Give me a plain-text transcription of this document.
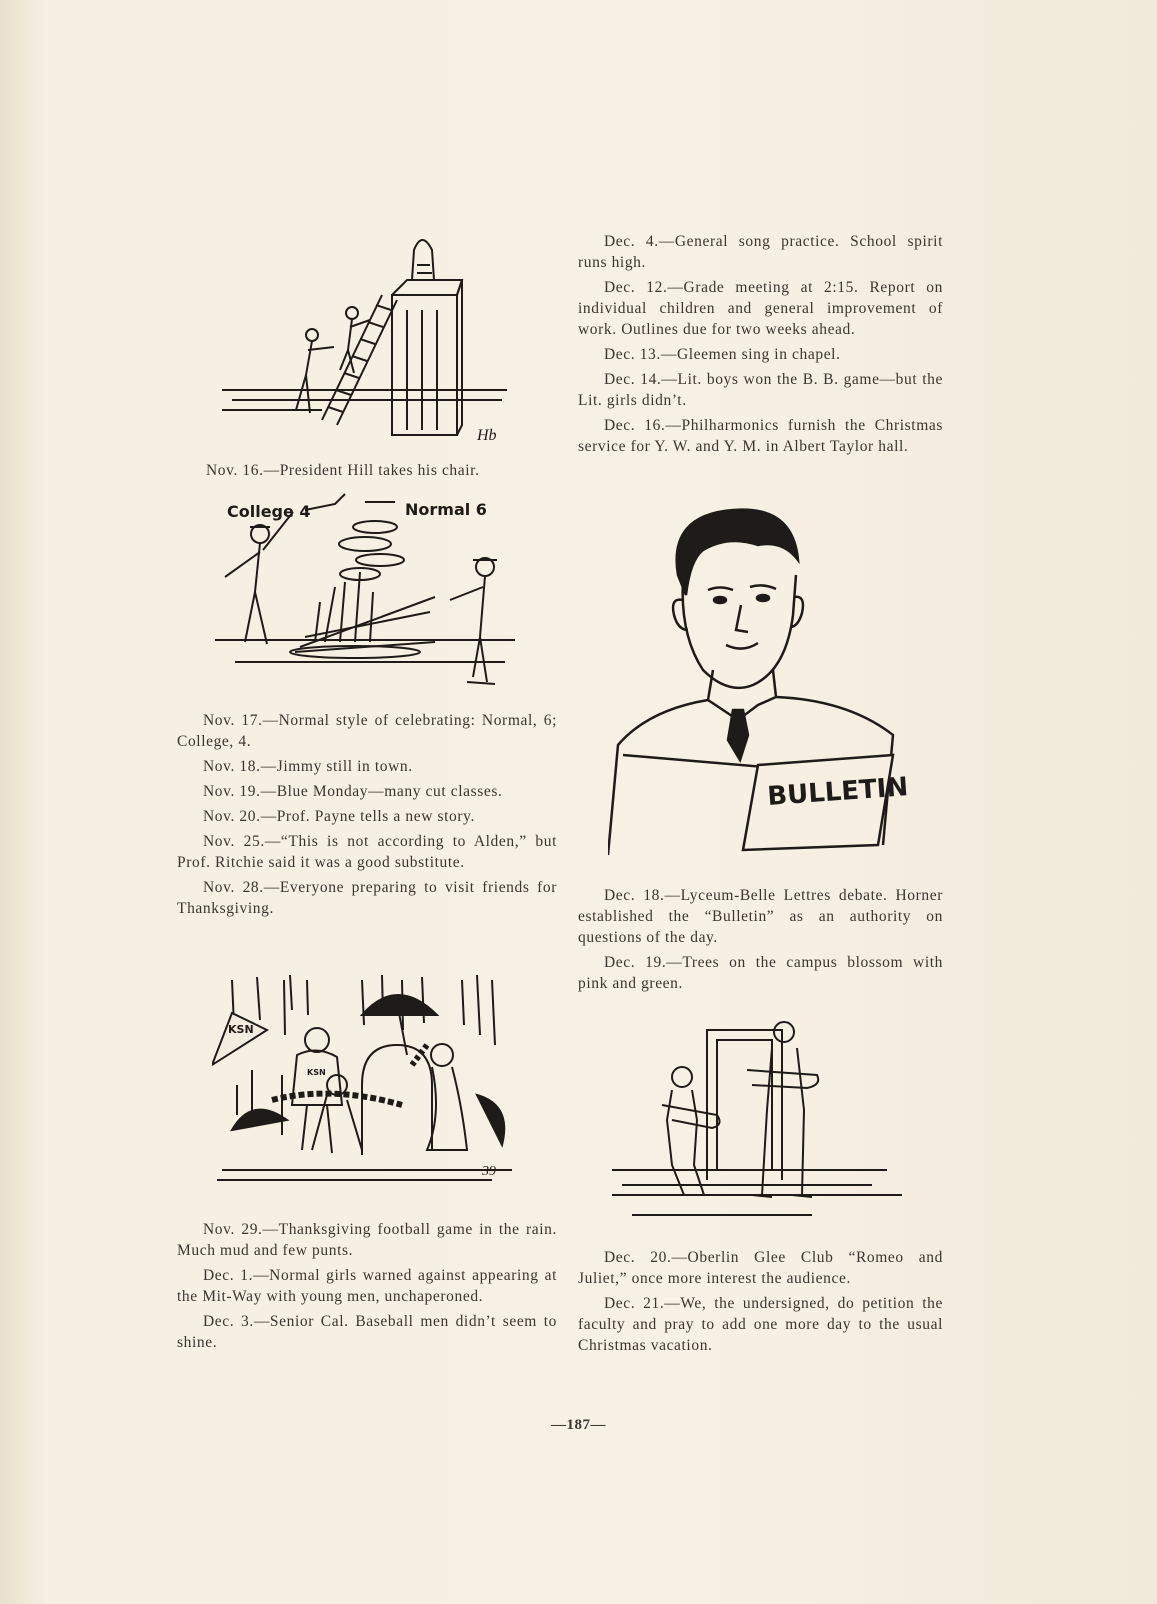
Hb
Nov. 16.—President Hill takes his chair.
College 4	Normal 6

Nov. 17.—Normal style of celebrating: Normal, 6; College, 4.

Nov. 18.—Jimmy still in town.

Nov. 19.—Blue Monday—many cut classes.

Nov. 20.—Prof. Payne tells a new story.

Nov. 25.—“This is not according to Alden,” but Prof. Ritchie said it was a good substitute.

Nov. 28.—Everyone preparing to visit friends for Thanksgiving.

KSN
KSN
39

Nov. 29.—Thanksgiving football game in the rain. Much mud and few punts.

Dec. 1.—Normal girls warned against appearing at the Mit-Way with young men, unchaperoned.

Dec. 3.—Senior Cal. Baseball men didn’t seem to shine.

Dec. 4.—General song practice. School spirit runs high.

Dec. 12.—Grade meeting at 2:15. Report on individual children and general improvement of work. Outlines due for two weeks ahead.

Dec. 13.—Gleemen sing in chapel.

Dec. 14.—Lit. boys won the B. B. game—but the Lit. girls didn’t.

Dec. 16.—Philharmonics furnish the Christmas service for Y. W. and Y. M. in Albert Taylor hall.

BULLETIN

Dec. 18.—Lyceum-Belle Lettres debate. Horner established the “Bulletin” as an authority on questions of the day.

Dec. 19.—Trees on the campus blossom with pink and green.

Dec. 20.—Oberlin Glee Club “Romeo and Juliet,” once more interest the audience.

Dec. 21.—We, the undersigned, do petition the faculty and pray to add one more day to the usual Christmas vacation.

—187—
